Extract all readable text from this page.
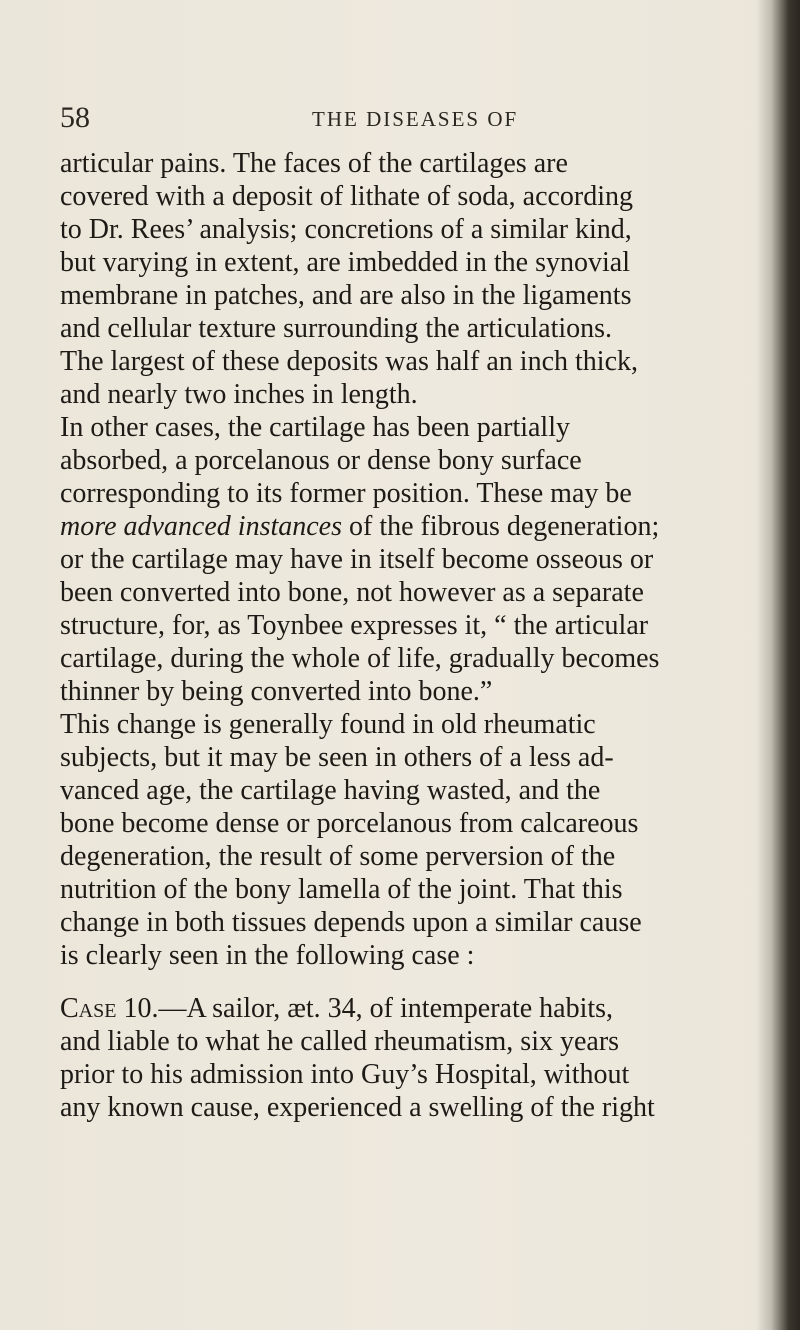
58	THE DISEASES OF
articular pains. The faces of the cartilages are
covered with a deposit of lithate of soda, according
to Dr. Rees’ analysis; concretions of a similar kind,
but varying in extent, are imbedded in the synovial
membrane in patches, and are also in the ligaments
and cellular texture surrounding the articulations.
The largest of these deposits was half an inch thick,
and nearly two inches in length.
In other cases, the cartilage has been partially
absorbed, a porcelanous or dense bony surface
corresponding to its former position. These may be
more advanced instances of the fibrous degeneration;
or the cartilage may have in itself become osseous or
been converted into bone, not however as a separate
structure, for, as Toynbee expresses it, “ the articular
cartilage, during the whole of life, gradually becomes
thinner by being converted into bone.”
This change is generally found in old rheumatic
subjects, but it may be seen in others of a less ad-
vanced age, the cartilage having wasted, and the
bone become dense or porcelanous from calcareous
degeneration, the result of some perversion of the
nutrition of the bony lamella of the joint. That this
change in both tissues depends upon a similar cause
is clearly seen in the following case :
Case 10.—A sailor, æt. 34, of intemperate habits,
and liable to what he called rheumatism, six years
prior to his admission into Guy’s Hospital, without
any known cause, experienced a swelling of the right
